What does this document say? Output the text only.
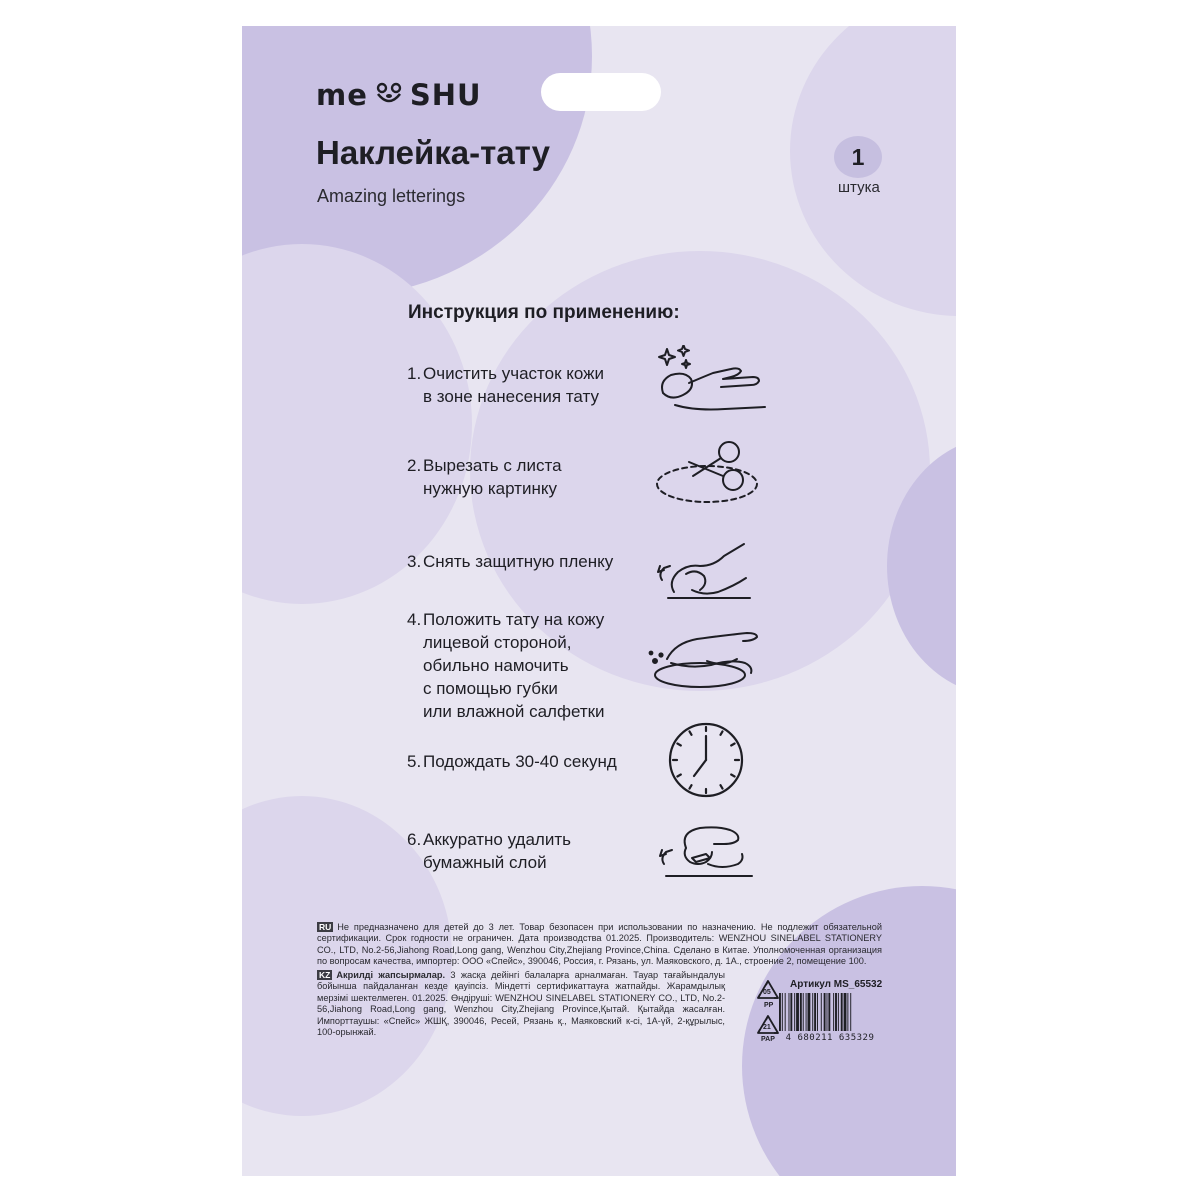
me SHU
Наклейка-тату
Amazing letterings
1
штука
Инструкция по применению:
1. Очистить участок кожи
в зоне нанесения тату
2. Вырезать с листа
нужную картинку
3. Снять защитную пленку
4. Положить тату на кожу
лицевой стороной,
обильно намочить
с помощью губки
или влажной салфетки
5. Подождать 30-40 секунд
6. Аккуратно удалить
бумажный слой
RU Не предназначено для детей до 3 лет. Товар безопасен при использовании по назначению. Не подлежит обязательной сертификации. Срок годности не ограничен. Дата производства 01.2025. Производитель: WENZHOU SINELABEL STATIONERY CO., LTD, No.2-56,Jiahong Road,Long gang, Wenzhou City,Zhejiang Province,China. Сделано в Китае. Уполномоченная организация по вопросам качества, импортер: ООО «Спейс», 390046, Россия, г. Рязань, ул. Маяковского, д. 1А., строение 2, помещение 100.
KZ Акрилді жапсырмалар. 3 жасқа дейінгі балаларға арналмаған. Тауар тағайындалуы бойынша пайдаланған кезде қауіпсіз. Міндетті сертификаттауға жатпайды. Жарамдылық мерзімі шектелмеген. 01.2025. Өндіруші: WENZHOU SINELABEL STATIONERY CO., LTD, No.2-56,Jiahong Road,Long gang, Wenzhou City,Zhejiang Province,Қытай. Қытайда жасалған. Импорттаушы: «Спейс» ЖШҚ, 390046, Ресей, Рязань қ., Маяковский к-сі, 1А-үй, 2-құрылыс, 100-орынжай.
05
PP
21
PAP
Артикул MS_65532
4 680211 635329
